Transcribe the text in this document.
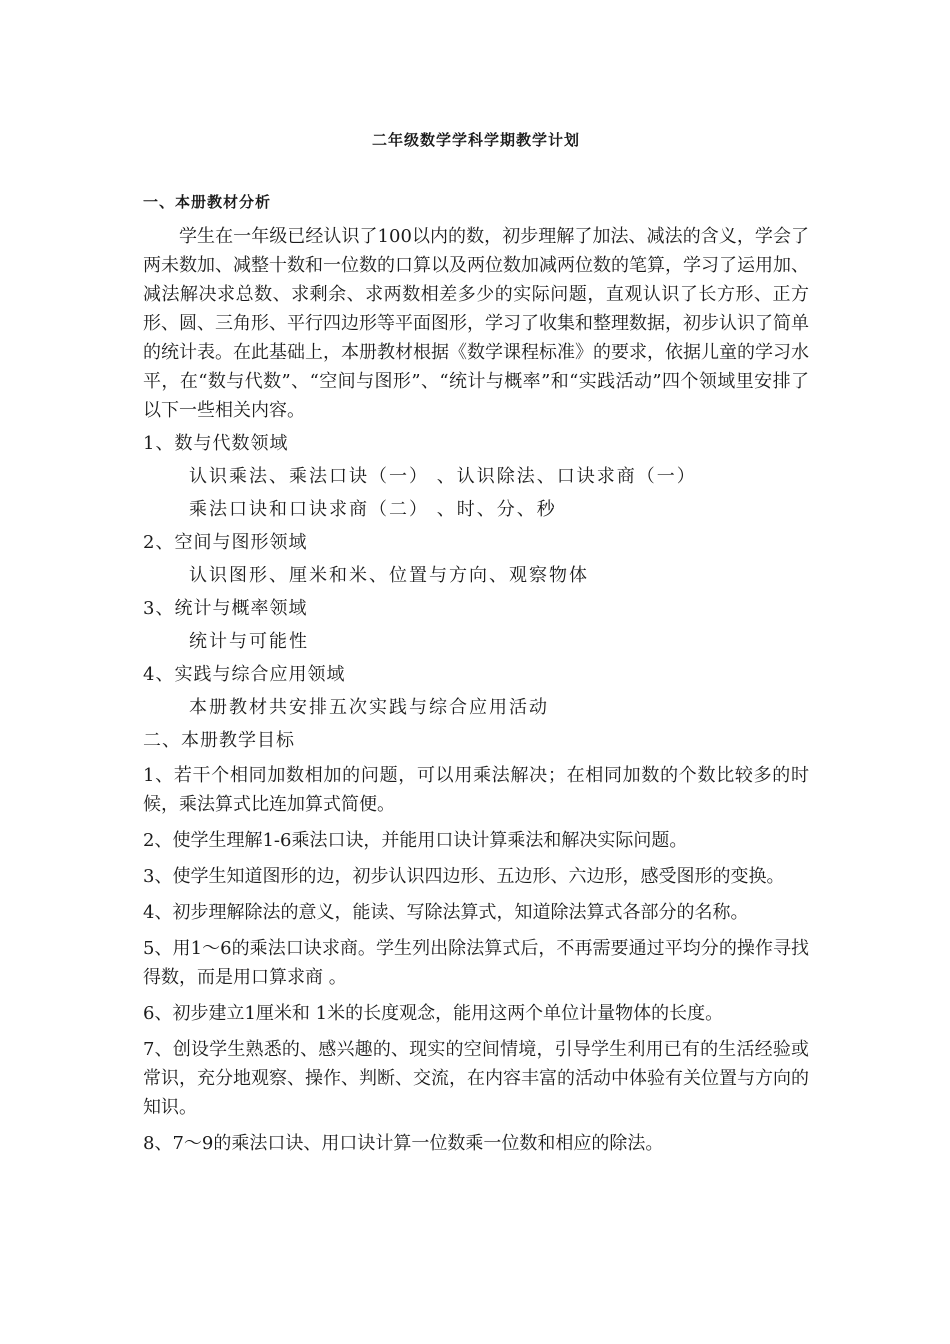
二年级数学学科学期教学计划
一、本册教材分析

学生在一年级已经认识了100以内的数，初步理解了加法、减法的含义，学会了两未数加、减整十数和一位数的口算以及两位数加减两位数的笔算，学习了运用加、减法解决求总数、求剩余、求两数相差多少的实际问题，直观认识了长方形、正方形、圆、三角形、平行四边形等平面图形，学习了收集和整理数据，初步认识了简单的统计表。在此基础上，本册教材根据《数学课程标准》的要求，依据儿童的学习水平，在“数与代数”、“空间与图形”、“统计与概率”和“实践活动”四个领域里安排了以下一些相关内容。

1、数与代数领域
认识乘法、乘法口诀（一） 、认识除法、口诀求商（一）
乘法口诀和口诀求商（二） 、时、分、秒
2、空间与图形领域
认识图形、厘米和米、位置与方向、观察物体
3、统计与概率领域
统计与可能性
4、实践与综合应用领域
本册教材共安排五次实践与综合应用活动
二、本册教学目标

1、若干个相同加数相加的问题，可以用乘法解决；在相同加数的个数比较多的时候，乘法算式比连加算式简便。

2、使学生理解1-6乘法口诀，并能用口诀计算乘法和解决实际问题。

3、使学生知道图形的边，初步认识四边形、五边形、六边形，感受图形的变换。

4、初步理解除法的意义，能读、写除法算式，知道除法算式各部分的名称。

5、用1～6的乘法口诀求商。学生列出除法算式后，不再需要通过平均分的操作寻找得数，而是用口算求商 。

6、初步建立1厘米和 1米的长度观念，能用这两个单位计量物体的长度。

7、创设学生熟悉的、感兴趣的、现实的空间情境，引导学生利用已有的生活经验或常识，充分地观察、操作、判断、交流，在内容丰富的活动中体验有关位置与方向的知识。

8、7～9的乘法口诀、用口诀计算一位数乘一位数和相应的除法。
